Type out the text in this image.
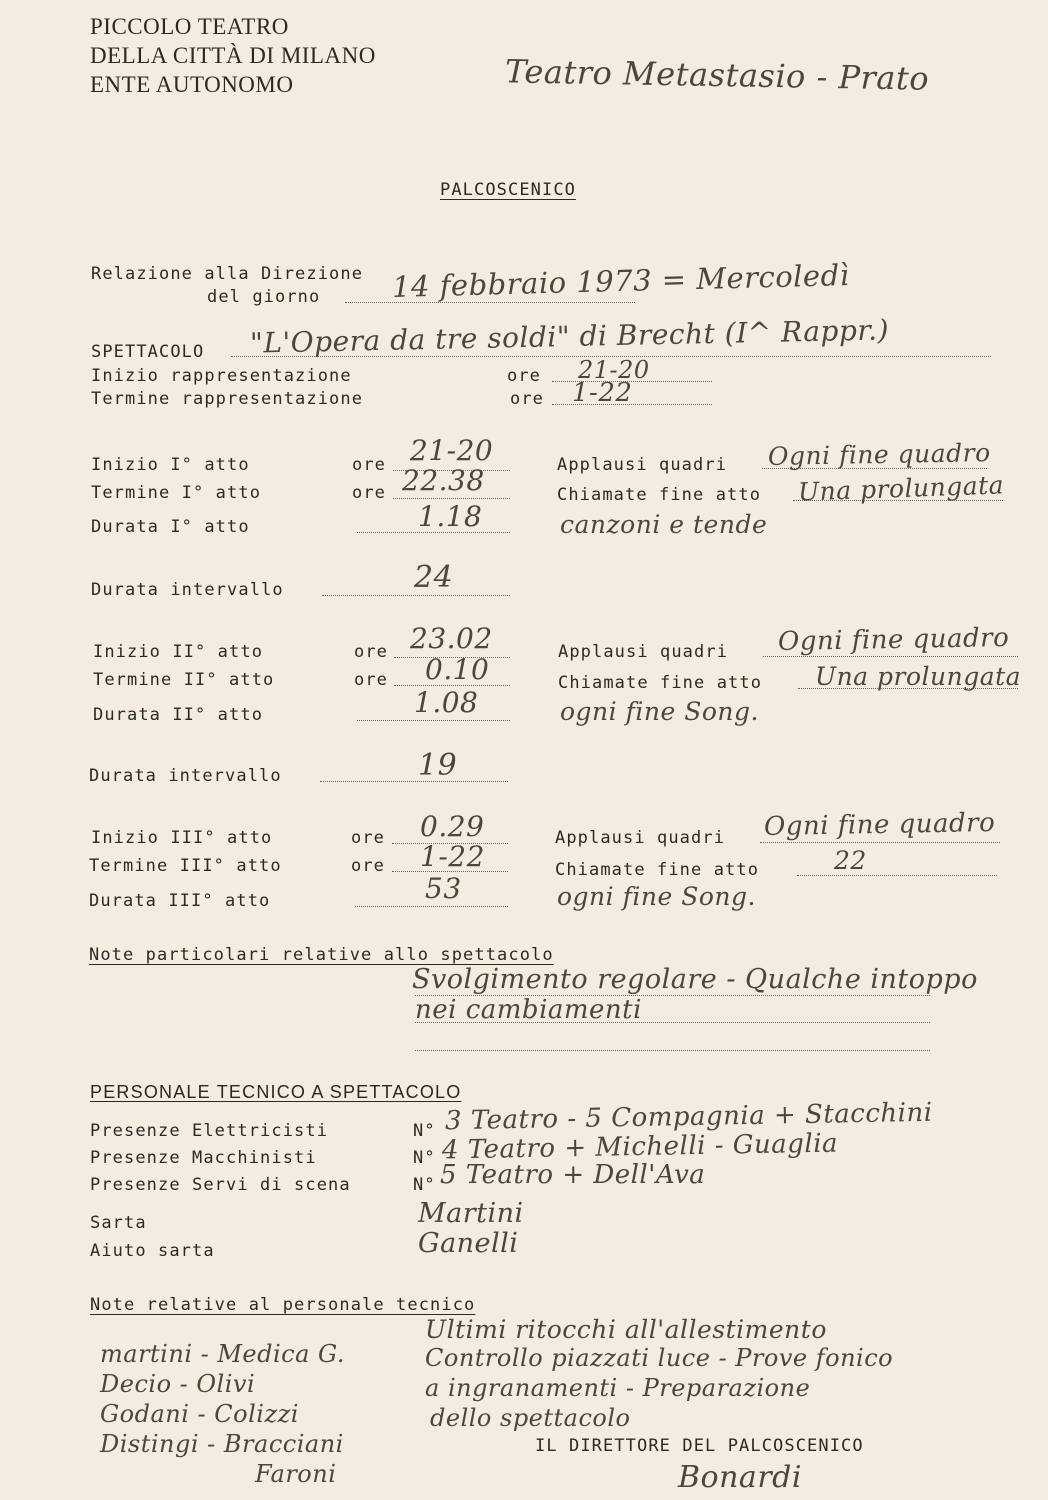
PICCOLO TEATRO
DELLA CITTÀ DI MILANO
ENTE AUTONOMO	Teatro Metastasio - Prato
PALCOSCENICO
Relazione alla Direzione
del giorno 14 febbraio 1973 = Mercoledì
SPETTACOLO "L'Opera da tre soldi" di Brecht (I^ Rappr.)
Inizio rappresentazione	ore 21-20
Termine rappresentazione	ore 1-22
Inizio I° atto	ore 21-20
Termine I° atto	ore 22.38
Durata I° atto	1.18
Applausi quadri Ogni fine quadro
Chiamate fine atto Una prolungata
canzoni e tende
Durata intervallo	24
Inizio II° atto	ore 23.02
Termine II° atto	ore 0.10
Durata II° atto	1.08
Applausi quadri Ogni fine quadro
Chiamate fine atto Una prolungata
ogni fine Song.
Durata intervallo	19
Inizio III° atto	ore 0.29
Termine III° atto	ore 1-22
Durata III° atto	53
Applausi quadri Ogni fine quadro
Chiamate fine atto	22
ogni fine Song.
Note particolari relative allo spettacolo
Svolgimento regolare - Qualche intoppo
nei cambiamenti
PERSONALE TECNICO A SPETTACOLO
Presenze Elettricisti	N° 3 Teatro - 5 Compagnia + Stacchini
Presenze Macchinisti	N° 4 Teatro + Michelli - Guaglia
Presenze Servi di scena	N° 5 Teatro + Dell'Ava
Sarta	Martini
Aiuto sarta	Ganelli
Note relative al personale tecnico
Ultimi ritocchi all'allestimento
Controllo piazzati luce - Prove fonico
a ingranamenti - Preparazione
dello spettacolo
martini - Medica G.
Decio - Olivi
Godani - Colizzi
Distingi - Bracciani
Faroni
IL DIRETTORE DEL PALCOSCENICO
Bonardi
